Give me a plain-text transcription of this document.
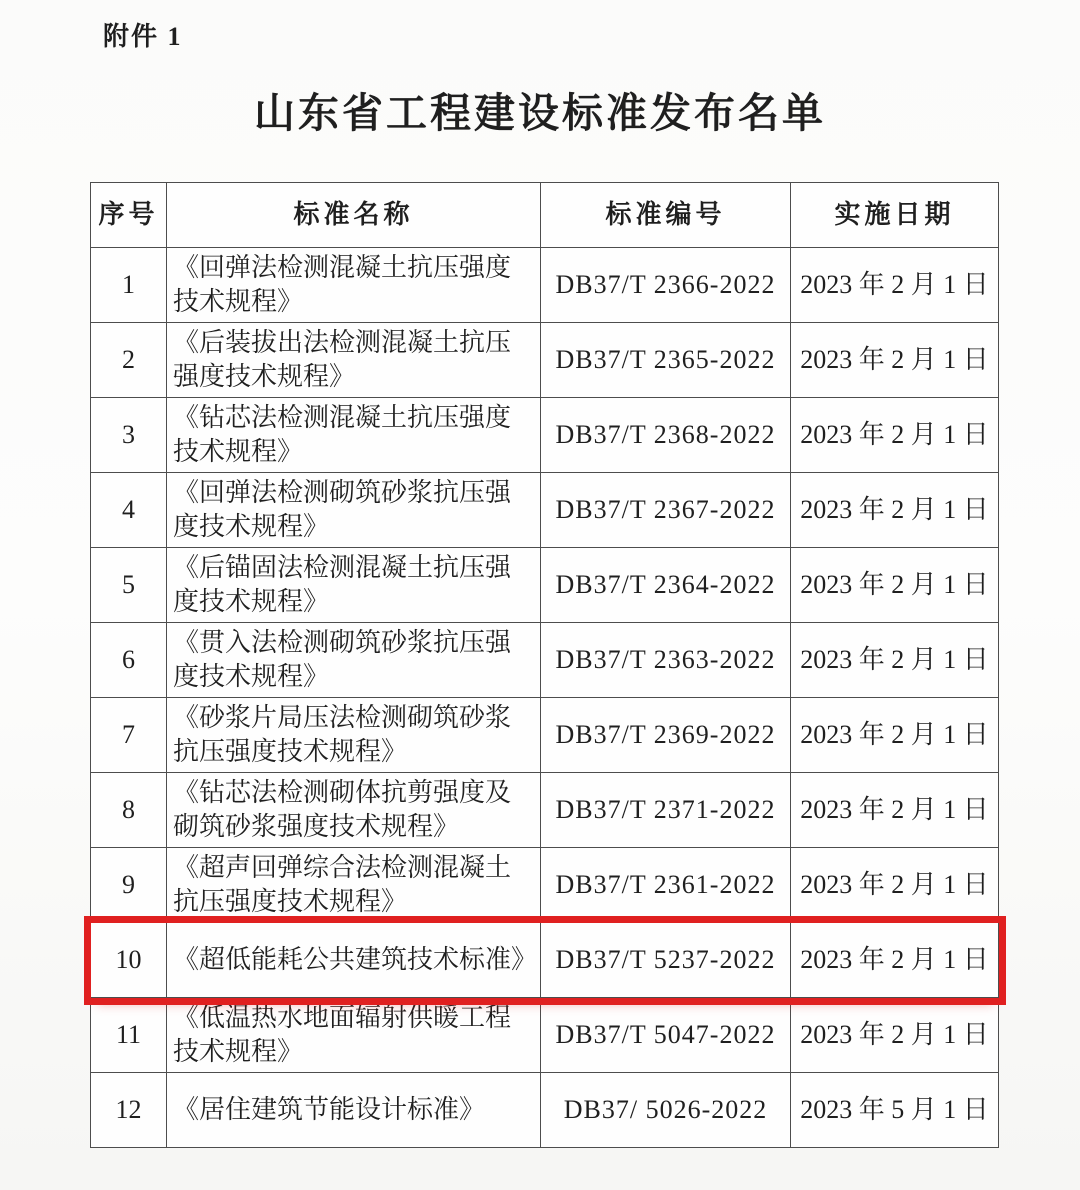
附件 1
山东省工程建设标准发布名单
序号	标准名称	标准编号	实施日期
1	《回弹法检测混凝土抗压强度技术规程》	DB37/T 2366-2022	2023 年 2 月 1 日
2	《后装拔出法检测混凝土抗压强度技术规程》	DB37/T 2365-2022	2023 年 2 月 1 日
3	《钻芯法检测混凝土抗压强度技术规程》	DB37/T 2368-2022	2023 年 2 月 1 日
4	《回弹法检测砌筑砂浆抗压强度技术规程》	DB37/T 2367-2022	2023 年 2 月 1 日
5	《后锚固法检测混凝土抗压强度技术规程》	DB37/T 2364-2022	2023 年 2 月 1 日
6	《贯入法检测砌筑砂浆抗压强度技术规程》	DB37/T 2363-2022	2023 年 2 月 1 日
7	《砂浆片局压法检测砌筑砂浆抗压强度技术规程》	DB37/T 2369-2022	2023 年 2 月 1 日
8	《钻芯法检测砌体抗剪强度及砌筑砂浆强度技术规程》	DB37/T 2371-2022	2023 年 2 月 1 日
9	《超声回弹综合法检测混凝土抗压强度技术规程》	DB37/T 2361-2022	2023 年 2 月 1 日
10	《超低能耗公共建筑技术标准》	DB37/T 5237-2022	2023 年 2 月 1 日
11	《低温热水地面辐射供暖工程技术规程》	DB37/T 5047-2022	2023 年 2 月 1 日
12	《居住建筑节能设计标准》	DB37/ 5026-2022	2023 年 5 月 1 日
